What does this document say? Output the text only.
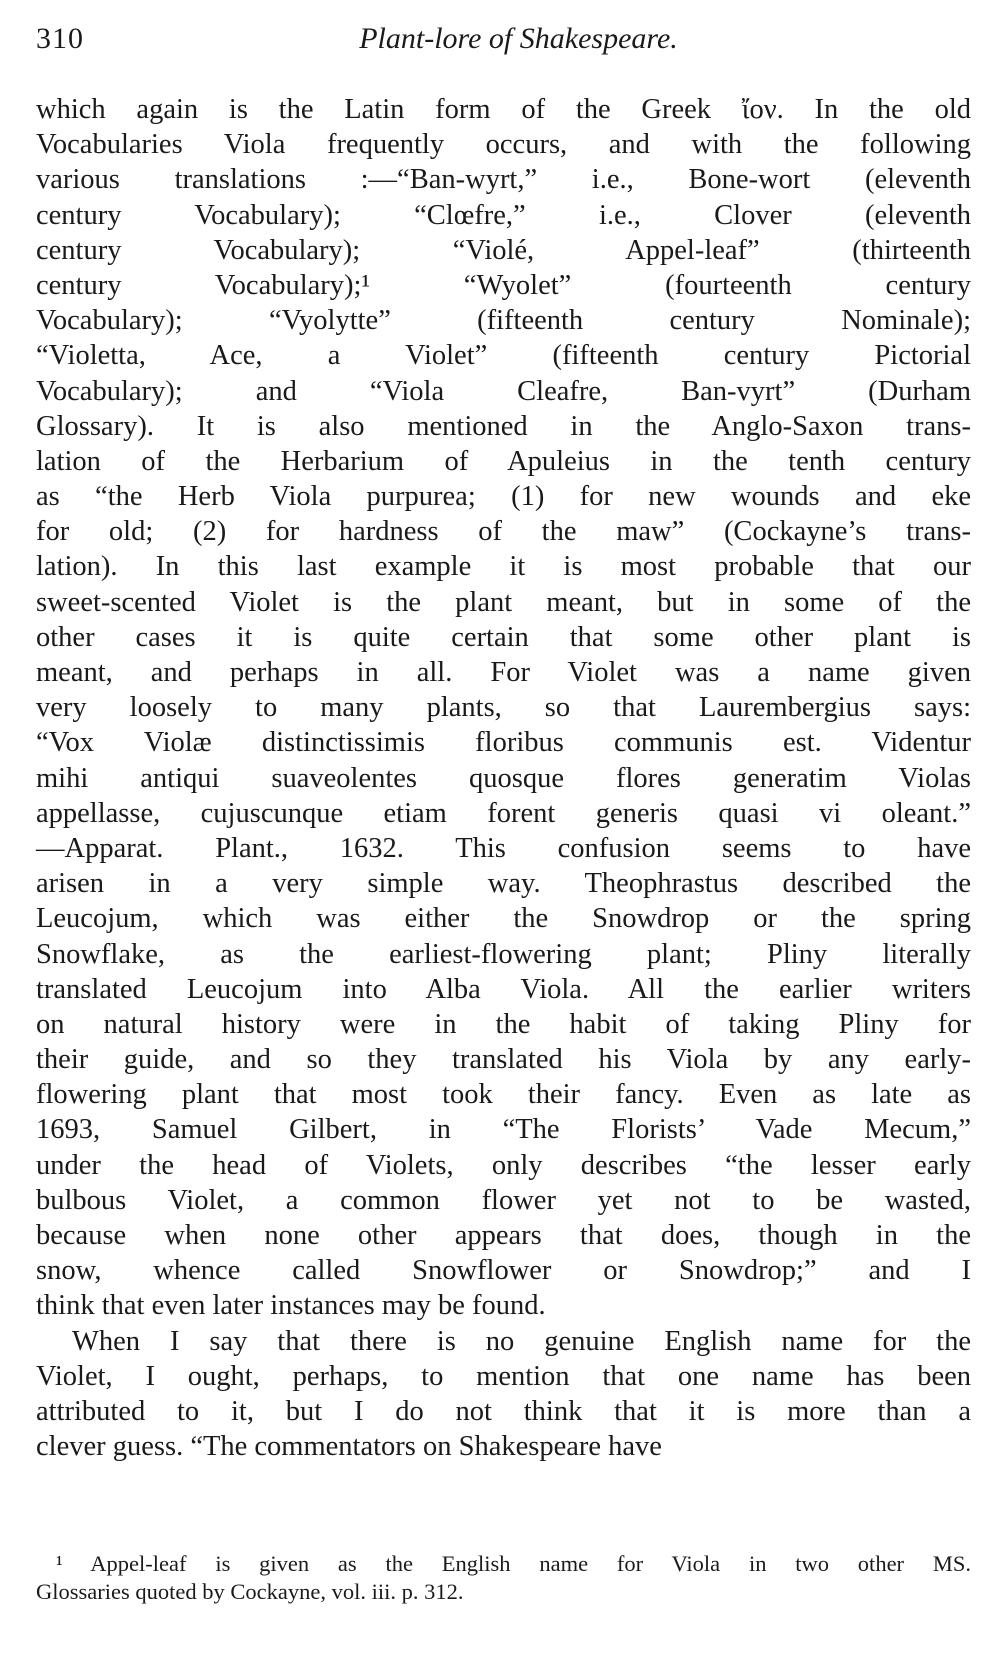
310	Plant-lore of Shakespeare.
which again is the Latin form of the Greek ἴον. In the old
Vocabularies Viola frequently occurs, and with the following
various translations :—“Ban-wyrt,” i.e., Bone-wort (eleventh
century Vocabulary); “Clœfre,” i.e., Clover (eleventh
century Vocabulary); “Violé, Appel-leaf” (thirteenth
century Vocabulary);¹ “Wyolet” (fourteenth century
Vocabulary); “Vyolytte” (fifteenth century Nominale);
“Violetta, Ace, a Violet” (fifteenth century Pictorial
Vocabulary); and “Viola Cleafre, Ban-vyrt” (Durham
Glossary). It is also mentioned in the Anglo-Saxon trans-
lation of the Herbarium of Apuleius in the tenth century
as “the Herb Viola purpurea; (1) for new wounds and eke
for old; (2) for hardness of the maw” (Cockayne’s trans-
lation). In this last example it is most probable that our
sweet-scented Violet is the plant meant, but in some of the
other cases it is quite certain that some other plant is
meant, and perhaps in all. For Violet was a name given
very loosely to many plants, so that Laurembergius says:
“Vox Violæ distinctissimis floribus communis est. Videntur
mihi antiqui suaveolentes quosque flores generatim Violas
appellasse, cujuscunque etiam forent generis quasi vi oleant.”
—Apparat. Plant., 1632. This confusion seems to have
arisen in a very simple way. Theophrastus described the
Leucojum, which was either the Snowdrop or the spring
Snowflake, as the earliest-flowering plant; Pliny literally
translated Leucojum into Alba Viola. All the earlier writers
on natural history were in the habit of taking Pliny for
their guide, and so they translated his Viola by any early-
flowering plant that most took their fancy. Even as late as
1693, Samuel Gilbert, in “The Florists’ Vade Mecum,”
under the head of Violets, only describes “the lesser early
bulbous Violet, a common flower yet not to be wasted,
because when none other appears that does, though in the
snow, whence called Snowflower or Snowdrop;” and I
think that even later instances may be found.
When I say that there is no genuine English name for the
Violet, I ought, perhaps, to mention that one name has been
attributed to it, but I do not think that it is more than a
clever guess. “The commentators on Shakespeare have
¹ Appel-leaf is given as the English name for Viola in two other MS.
Glossaries quoted by Cockayne, vol. iii. p. 312.
